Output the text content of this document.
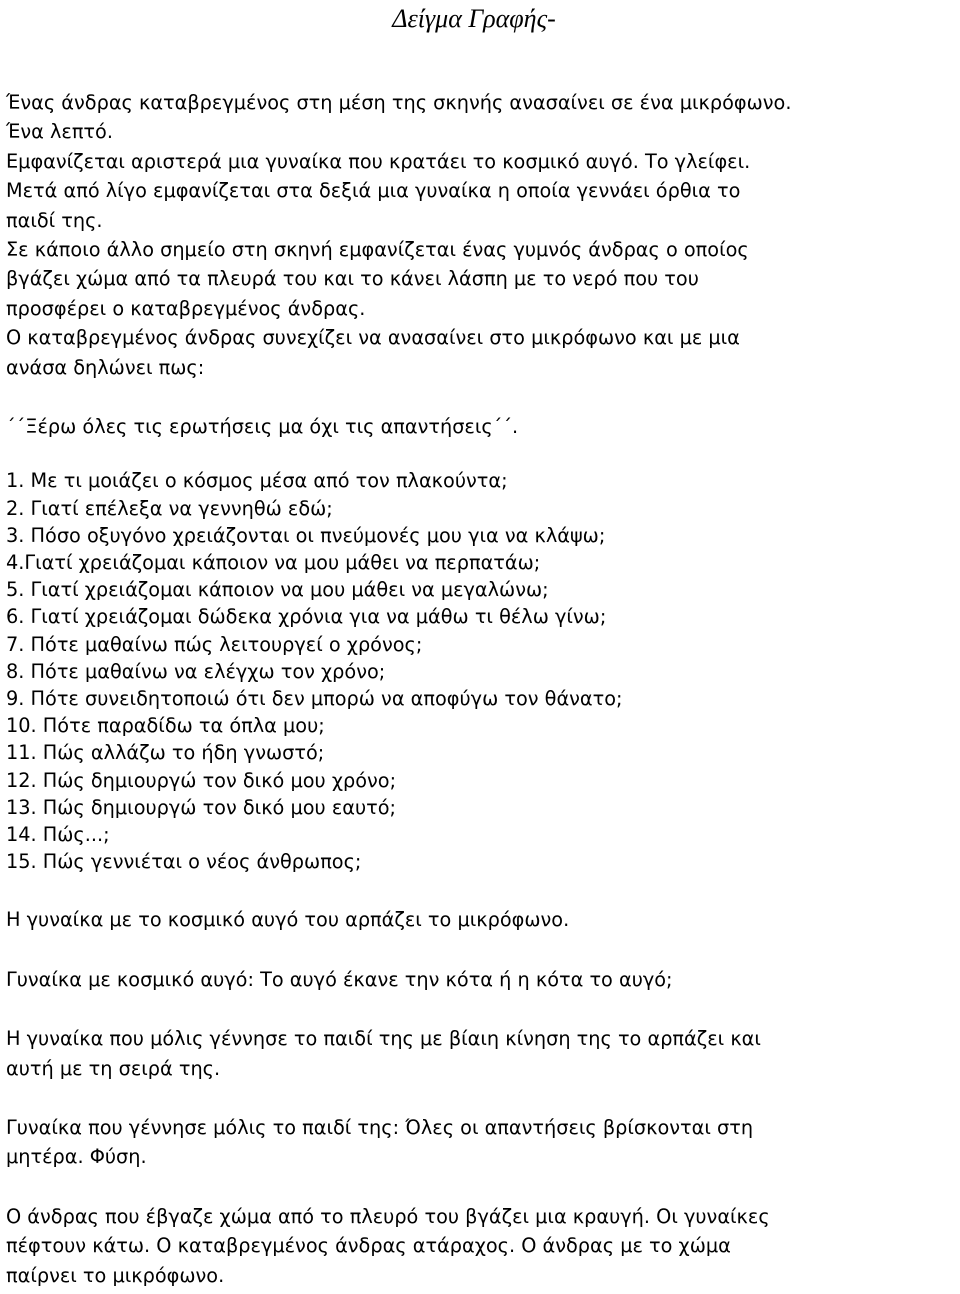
Δείγμα Γραφής-
Ένας άνδρας καταβρεγμένος στη μέση της σκηνής ανασαίνει σε ένα μικρόφωνο.
Ένα λεπτό.
Εμφανίζεται αριστερά μια γυναίκα που κρατάει το κοσμικό αυγό. Το γλείφει.
Μετά από λίγο εμφανίζεται στα δεξιά μια γυναίκα η οποία γεννάει όρθια το
παιδί της.
Σε κάποιο άλλο σημείο στη σκηνή εμφανίζεται ένας γυμνός άνδρας ο οποίος
βγάζει χώμα από τα πλευρά του και το κάνει λάσπη με το νερό που του
προσφέρει ο καταβρεγμένος άνδρας.
Ο καταβρεγμένος άνδρας συνεχίζει να ανασαίνει στο μικρόφωνο και με μια
ανάσα δηλώνει πως:
΄΄Ξέρω όλες τις ερωτήσεις μα όχι τις απαντήσεις΄΄.
1. Με τι μοιάζει ο κόσμος μέσα από τον πλακούντα;
2. Γιατί επέλεξα να γεννηθώ εδώ;
3. Πόσο οξυγόνο χρειάζονται οι πνεύμονές μου για να κλάψω;
4.Γιατί χρειάζομαι κάποιον να μου μάθει να περπατάω;
5. Γιατί χρειάζομαι κάποιον να μου μάθει να μεγαλώνω;
6. Γιατί χρειάζομαι δώδεκα χρόνια για να μάθω τι θέλω γίνω;
7. Πότε μαθαίνω πώς λειτουργεί ο χρόνος;
8. Πότε μαθαίνω να ελέγχω τον χρόνο;
9. Πότε συνειδητοποιώ ότι δεν μπορώ να αποφύγω τον θάνατο;
10. Πότε παραδίδω τα όπλα μου;
11. Πώς αλλάζω το ήδη γνωστό;
12. Πώς δημιουργώ τον δικό μου χρόνο;
13. Πώς δημιουργώ τον δικό μου εαυτό;
14. Πώς...;
15. Πώς γεννιέται ο νέος άνθρωπος;
Η γυναίκα με το κοσμικό αυγό του αρπάζει το μικρόφωνο.
Γυναίκα με κοσμικό αυγό: Το αυγό έκανε την κότα ή η κότα το αυγό;
Η γυναίκα που μόλις γέννησε το παιδί της με βίαιη κίνηση της το αρπάζει και
αυτή με τη σειρά της.
Γυναίκα που γέννησε μόλις το παιδί της: Όλες οι απαντήσεις βρίσκονται στη
μητέρα. Φύση.
Ο άνδρας που έβγαζε χώμα από το πλευρό του βγάζει μια κραυγή. Οι γυναίκες
πέφτουν κάτω. Ο καταβρεγμένος άνδρας ατάραχος. Ο άνδρας με το χώμα
παίρνει το μικρόφωνο.
